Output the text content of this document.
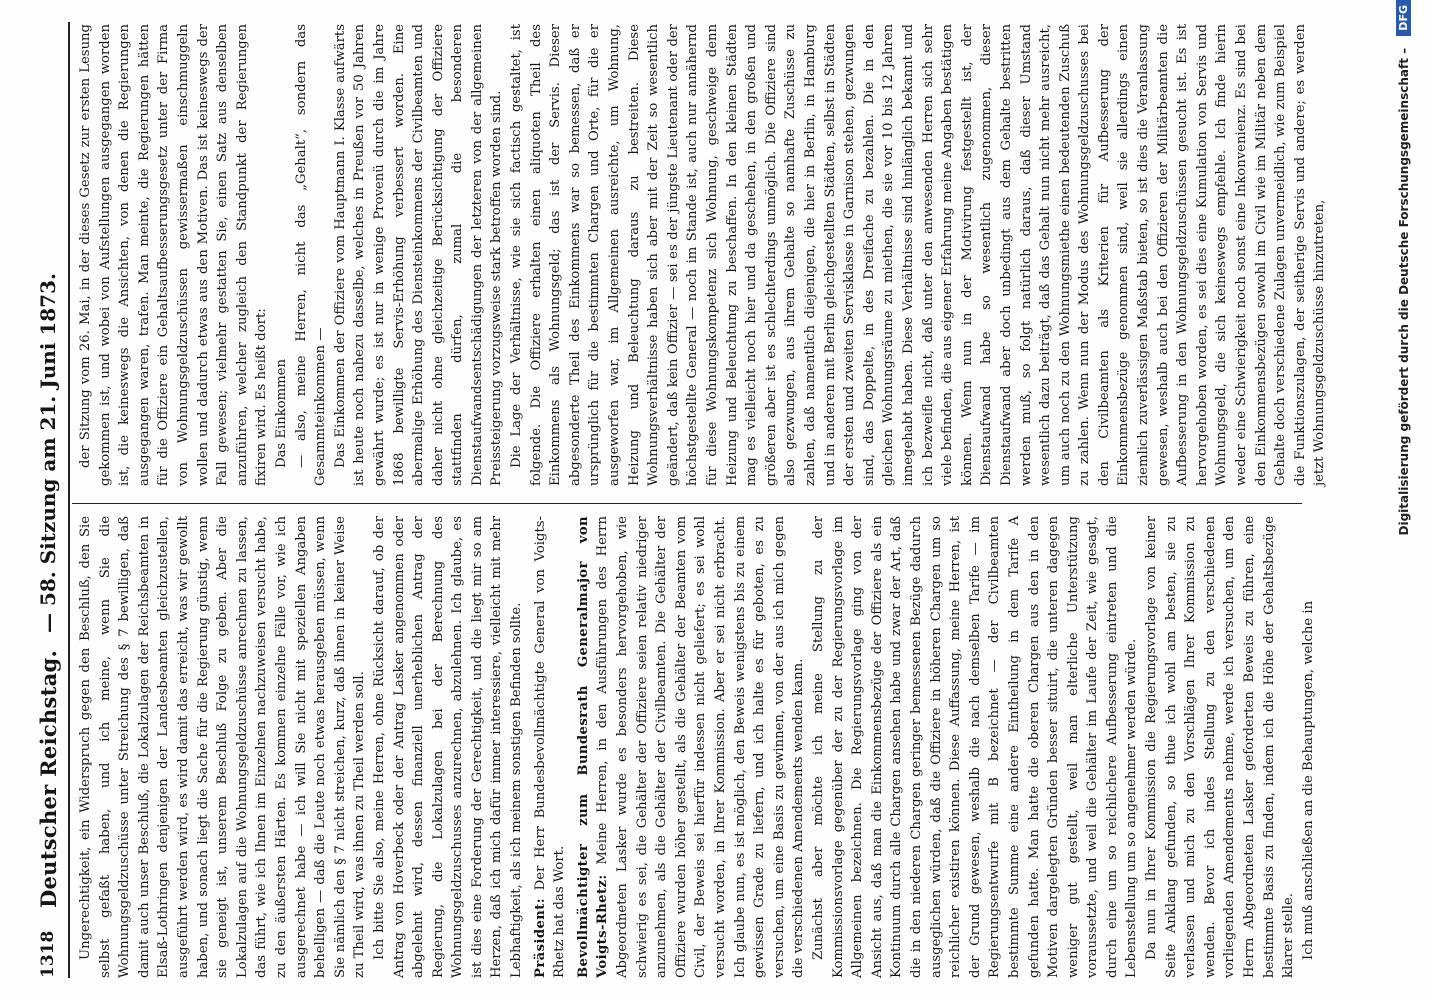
1318
Deutscher Reichstag.
— 58. Sitzung am 21. Juni 1873.

Ungerechtigkeit, ein Widerspruch gegen den Beschluß, den Sie selbst gefaßt haben, und ich meine, wenn Sie die Wohnungsgeldzuschüsse unter Streichung des § 7 bewilligen, daß damit auch unser Beschluß, die Lokalzulagen der Reichsbeamten in Elsaß-Lothringen denjenigen der Landesbeamten gleichzustellen, ausgeführt werden wird, es wird damit das erreicht, was wir gewollt haben, und sonach liegt die Sache für die Regierung günstig, wenn sie geneigt ist, unserem Beschluß Folge zu geben. Aber die Lokalzulagen auf die Wohnungsgeldzuschüsse anrechnen zu lassen, das führt, wie ich Ihnen im Einzelnen nachzuweisen versucht habe, zu den äußersten Härten. Es kommen einzelne Fälle vor, wie ich ausgerechnet habe — ich will Sie nicht mit speziellen Angaben behelligen — daß die Leute noch etwas herausgeben müssen, wenn Sie nämlich den § 7 nicht streichen, kurz, daß ihnen in keiner Weise zu Theil wird, was ihnen zu Theil werden soll. Ich bitte Sie also, meine Herren, ohne Rücksicht darauf, ob der Antrag von Hoverbeck oder der Antrag Lasker angenommen oder abgelehnt wird, dessen finanziell unerheblichen Antrag der Regierung, die Lokalzulagen bei der Berechnung des Wohnungsgeldzuschusses anzurechnen, abzulehnen. Ich glaube, es ist dies eine Forderung der Gerechtigkeit, und die liegt mir so am Herzen, daß ich mich dafür immer interessiere, vielleicht mit mehr Lebhaftigkeit, als ich meinem sonstigen Befinden sollte. Präsident: Der Herr Bundesbevollmächtigte General von Voigts-Rhetz hat das Wort. Bevollmächtigter zum Bundesrath Generalmajor von Voigts-Rhetz: Meine Herren, in den Ausführungen des Herrn Abgeordneten Lasker wurde es besonders hervorgehoben, wie schwierig es sei, die Gehälter der Offiziere seien relativ niedriger anzunehmen, als die Gehälter der Civilbeamten. Die Gehälter der Offiziere wurden höher gestellt, als die Gehälter der Beamten vom Civil, der Beweis sei hierfür indessen nicht geliefert; es sei wohl versucht worden, in Ihrer Kommission. Aber er sei nicht erbracht. Ich glaube nun, es ist möglich, den Beweis wenigstens bis zu einem gewissen Grade zu liefern, und ich halte es für geboten, es zu versuchen, um eine Basis zu gewinnen, von der aus ich mich gegen die verschiedenen Amendements wenden kann. Zunächst aber möchte ich meine Stellung zu der Kommissionsvorlage gegenüber der zu der Regierungsvorlage im Allgemeinen bezeichnen. Die Regierungsvorlage ging von der Ansicht aus, daß man die Einkommensbezüge der Offiziere als ein Kontinuum durch alle Chargen ansehen habe und zwar der Art, daß die in den niederen Chargen geringer bemessenen Bezüge dadurch ausgeglichen würden, daß die Offiziere in höheren Chargen um so reichlicher existiren können. Diese Auffassung, meine Herren, ist der Grund gewesen, weshalb die nach demselben Tarife — im Regierungsentwurfe mit B bezeichnet — der Civilbeamten bestimmte Summe eine andere Eintheilung in dem Tarife A gefunden hatte. Man hatte die oberen Chargen aus den in den Motiven dargelegten Gründen besser situirt, die unteren dagegen weniger gut gestellt, weil man elterliche Unterstützung voraussetzte, und weil die Gehälter im Laufe der Zeit, wie gesagt, durch eine um so reichlichere Aufbesserung eintreten und die Lebensstellung um so angenehmer werden würde. Da nun in Ihrer Kommission die Regierungsvorlage von keiner Seite Anklang gefunden, so thue ich wohl am besten, sie zu verlassen und mich zu den Vorschlägen Ihrer Kommission zu wenden. Bevor ich indes Stellung zu den verschiedenen vorliegenden Amendements nehme, werde ich versuchen, um den Herrn Abgeordneten Lasker geforderten Beweis zu führen, eine bestimmte Basis zu finden, indem ich die Höhe der Gehaltsbezüge klarer stelle. Ich muß anschließen an die Behauptungen, welche in

der Sitzung vom 26. Mai, in der dieses Gesetz zur ersten Lesung gekommen ist, und wobei von Aufstellungen ausgegangen worden ist, die keineswegs die Ansichten, von denen die Regierungen ausgegangen waren, trafen. Man meinte, die Regierungen hätten für die Offiziere ein Gehaltsaufbesserungsgesetz unter der Firma von Wohnungsgeldzuschüssen gewissermaßen einschmuggeln wollen und dadurch etwas aus den Motiven. Das ist keineswegs der Fall gewesen; vielmehr gestatten Sie, einen Satz aus denselben anzuführen, welcher zugleich den Standpunkt der Regierungen fixiren wird. Es heißt dort: Das Einkommen — also, meine Herren, nicht das „Gehalt“, sondern das Gesammteinkommen — Das Einkommen der Offiziere vom Hauptmann I. Klasse aufwärts ist heute noch nahezu dasselbe, welches in Preußen vor 50 Jahren gewährt wurde; es ist nur in wenige Provenü durch die im Jahre 1868 bewilligte Servis-Erhöhung verbessert worden. Eine abermalige Erhöhung des Diensteinkommens der Civilbeamten und daher nicht ohne gleichzeitige Berücksichtigung der Offiziere stattfinden dürfen, zumal die besonderen Dienstaufwandsentschädigungen der letzteren von der allgemeinen Preissteigerung vorzugsweise stark betroffen worden sind. Die Lage der Verhältnisse, wie sie sich factisch gestaltet, ist folgende. Die Offiziere erhalten einen aliquoten Theil des Einkommens als Wohnungsgeld; das ist der Servis. Dieser abgesonderte Theil des Einkommens war so bemessen, daß er ursprünglich für die bestimmten Chargen und Orte, für die er ausgeworfen war, im Allgemeinen ausreichte, um Wohnung, Heizung und Beleuchtung daraus zu bestreiten. Diese Wohnungsverhältnisse haben sich aber mit der Zeit so wesentlich geändert, daß kein Offizier — sei es der jüngste Lieutenant oder der höchstgestellte General — noch im Stande ist, auch nur annähernd für diese Wohnungskompetenz sich Wohnung, geschweige denn Heizung und Beleuchtung zu beschaffen. In den kleinen Städten mag es vielleicht noch hier und da geschehen, in den großen und größeren aber ist es schlechterdings unmöglich. Die Offiziere sind also gezwungen, aus ihrem Gehalte so namhafte Zuschüsse zu zahlen, daß namentlich diejenigen, die hier in Berlin, in Hamburg und in anderen mit Berlin gleichgestellten Städten, selbst in Städten der ersten und zweiten Servisklasse in Garnison stehen, gezwungen sind, das Doppelte, in des Dreifache zu bezahlen. Die in den gleichen Wohnungsräume zu miethen, die sie vor 10 bis 12 Jahren innegehabt haben. Diese Verhältnisse sind hinlänglich bekannt und ich bezweifle nicht, daß unter den anwesenden Herren sich sehr viele befinden, die aus eigener Erfahrung meine Angaben bestätigen können. Wenn nun in der Motivirung festgestellt ist, der Dienstaufwand habe so wesentlich zugenommen, dieser Dienstaufwand aber doch unbedingt aus dem Gehalte bestritten werden muß, so folgt natürlich daraus, daß dieser Umstand wesentlich dazu beiträgt, daß das Gehalt nun nicht mehr ausreicht, um auch noch zu den Wohnungsmiethe einen bedeutenden Zuschuß zu zahlen. Wenn nun der Modus des Wohnungsgeldzuschusses bei den Civilbeamten als Kriterien für Aufbesserung der Einkommensbezüge genommen sind, weil sie allerdings einen ziemlich zuverlässigen Maßstab bieten, so ist dies die Veranlassung gewesen, weshalb auch bei den Offizieren der Militärbeamten die Aufbesserung in den Wohnungsgeldzuschüssen gesucht ist. Es ist hervorgehoben worden, es sei dies eine Kumulation von Servis und Wohnungsgeld, die sich keineswegs empfehle. Ich finde hierin weder eine Schwierigkeit noch sonst eine Inkonvenienz. Es sind bei den Einkommensbezügen sowohl im Civil wie im Militär neben dem Gehalte doch verschiedene Zulagen unvermeidlich, wie zum Beispiel die Funktionszulagen, der seitherige Servis und andere; es werden jetzt Wohnungsgeldzuschüsse hinzutreten,	Digitalisierung gefördert durch die Deutsche Forschungsgemeinschaft – DFG
